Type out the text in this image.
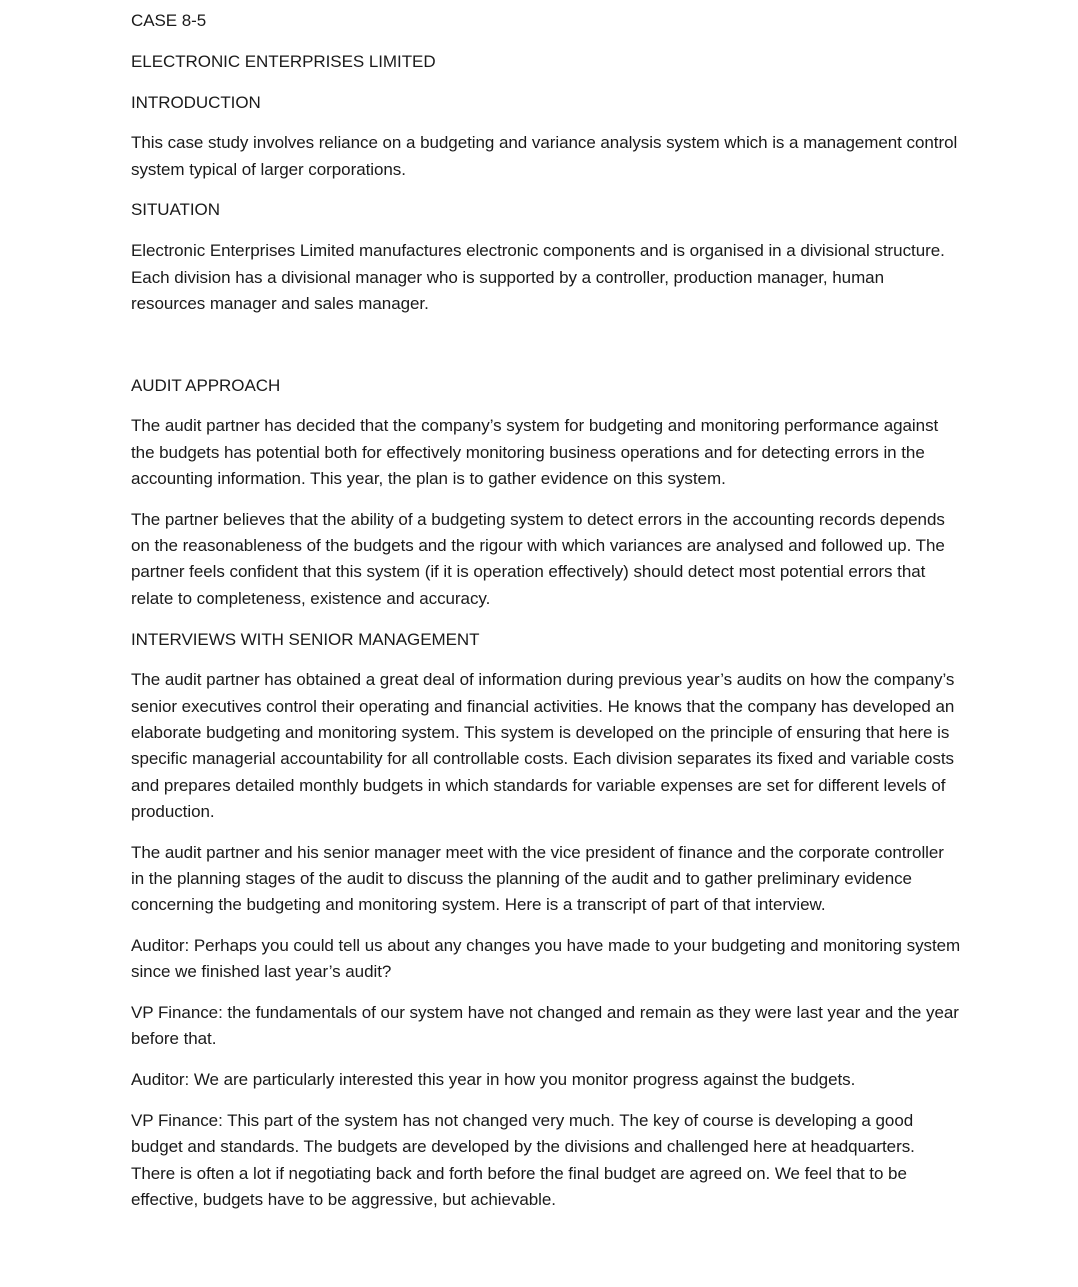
CASE 8-5

ELECTRONIC ENTERPRISES LIMITED

INTRODUCTION

This case study involves reliance on a budgeting and variance analysis system which is a management control system typical of larger corporations.

SITUATION

Electronic Enterprises Limited manufactures electronic components and is organised in a divisional structure. Each division has a divisional manager who is supported by a controller, production manager, human resources manager and sales manager.

AUDIT APPROACH

The audit partner has decided that the company’s system for budgeting and monitoring performance against the budgets has potential both for effectively monitoring business operations and for detecting errors in the accounting information. This year, the plan is to gather evidence on this system.

The partner believes that the ability of a budgeting system to detect errors in the accounting records depends on the reasonableness of the budgets and the rigour with which variances are analysed and followed up. The partner feels confident that this system (if it is operation effectively) should detect most potential errors that relate to completeness, existence and accuracy.

INTERVIEWS WITH SENIOR MANAGEMENT

The audit partner has obtained a great deal of information during previous year’s audits on how the company’s senior executives control their operating and financial activities. He knows that the company has developed an elaborate budgeting and monitoring system. This system is developed on the principle of ensuring that here is specific managerial accountability for all controllable costs. Each division separates its fixed and variable costs and prepares detailed monthly budgets in which standards for variable expenses are set for different levels of production.

The audit partner and his senior manager meet with the vice president of finance and the corporate controller in the planning stages of the audit to discuss the planning of the audit and to gather preliminary evidence concerning the budgeting and monitoring system. Here is a transcript of part of that interview.

Auditor: Perhaps you could tell us about any changes you have made to your budgeting and monitoring system since we finished last year’s audit?

VP Finance: the fundamentals of our system have not changed and remain as they were last year and the year before that.

Auditor: We are particularly interested this year in how you monitor progress against the budgets.

VP Finance: This part of the system has not changed very much. The key of course is developing a good budget and standards. The budgets are developed by the divisions and challenged here at headquarters. There is often a lot if negotiating back and forth before the final budget are agreed on. We feel that to be effective, budgets have to be aggressive, but achievable.
